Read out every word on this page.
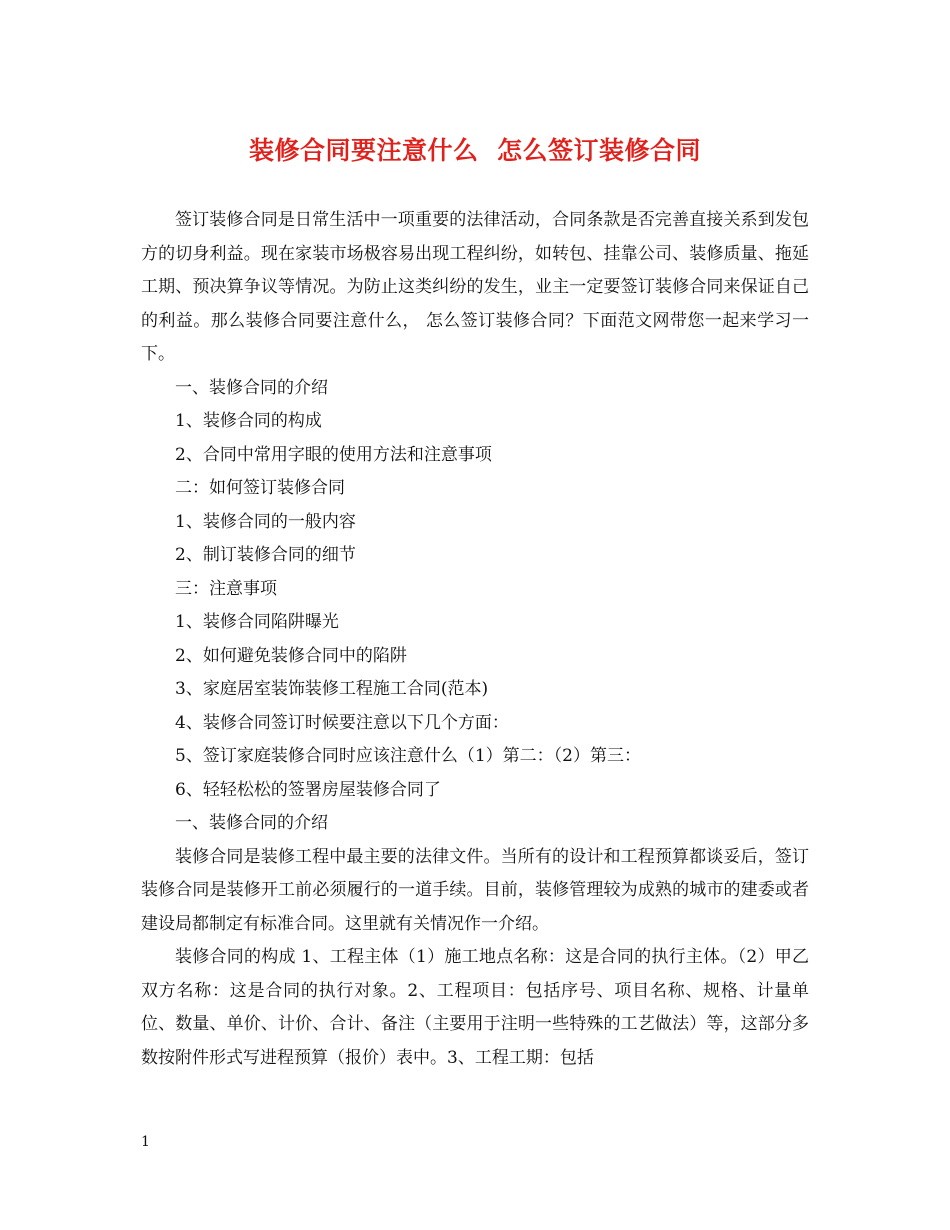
装修合同要注意什么  怎么签订装修合同

签订装修合同是日常生活中一项重要的法律活动，合同条款是否完善直接关系到发包方的切身利益。现在家装市场极容易出现工程纠纷，如转包、挂靠公司、装修质量、拖延工期、预决算争议等情况。为防止这类纠纷的发生，业主一定要签订装修合同来保证自己的利益。那么装修合同要注意什么， 怎么签订装修合同？下面范文网带您一起来学习一下。

一、装修合同的介绍

1、装修合同的构成

2、合同中常用字眼的使用方法和注意事项

二：如何签订装修合同

1、装修合同的一般内容

2、制订装修合同的细节

三：注意事项

1、装修合同陷阱曝光

2、如何避免装修合同中的陷阱

3、家庭居室装饰装修工程施工合同(范本)

4、装修合同签订时候要注意以下几个方面：

5、签订家庭装修合同时应该注意什么（1）第二：（2）第三：

6、轻轻松松的签署房屋装修合同了

一、装修合同的介绍

装修合同是装修工程中最主要的法律文件。当所有的设计和工程预算都谈妥后，签订装修合同是装修开工前必须履行的一道手续。目前，装修管理较为成熟的城市的建委或者建设局都制定有标准合同。这里就有关情况作一介绍。

装修合同的构成 1、工程主体（1）施工地点名称：这是合同的执行主体。（2）甲乙双方名称：这是合同的执行对象。2、工程项目：包括序号、项目名称、规格、计量单位、数量、单价、计价、合计、备注（主要用于注明一些特殊的工艺做法）等，这部分多数按附件形式写进程预算（报价）表中。3、工程工期：包括

1
